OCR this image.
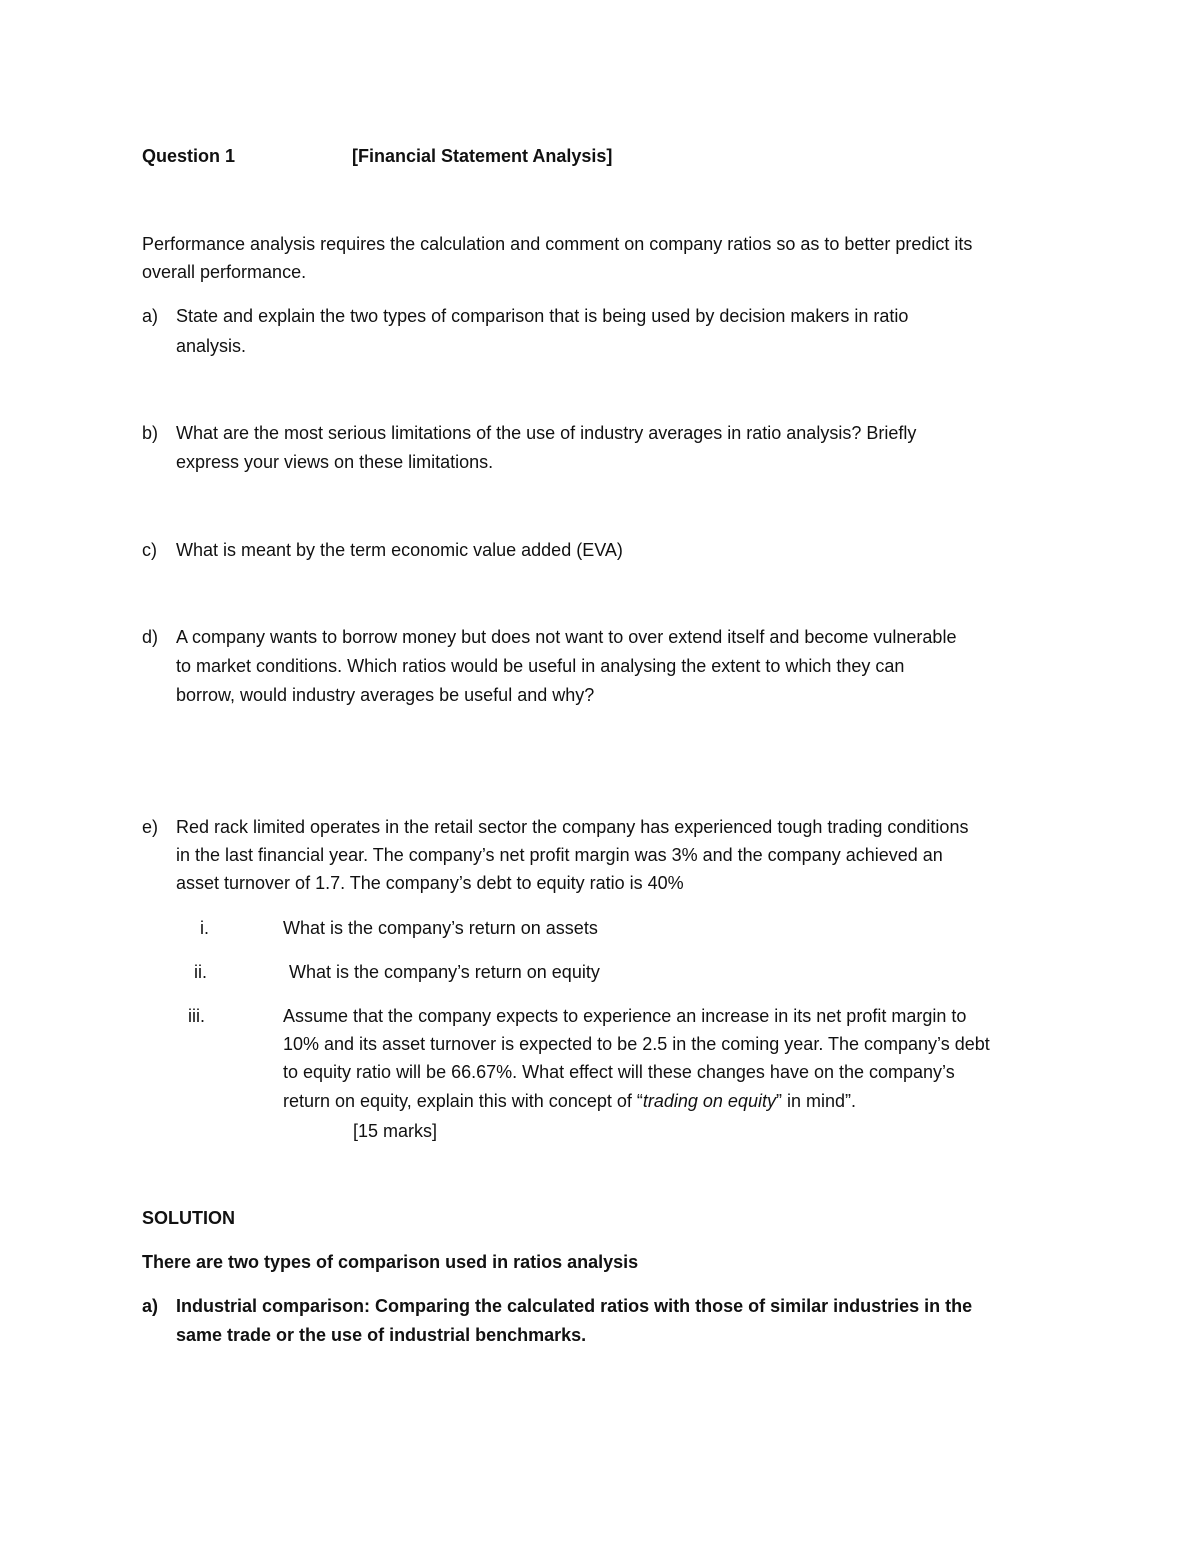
Question 1	[Financial Statement Analysis]
Performance analysis requires the calculation and comment on company ratios so as to better predict its
overall performance.
a) State and explain the two types of comparison that is being used by decision makers in ratio
analysis.
b) What are the most serious limitations of the use of industry averages in ratio analysis? Briefly
express your views on these limitations.
c) What is meant by the term economic value added (EVA)
d) A company wants to borrow money but does not want to over extend itself and become vulnerable
to market conditions. Which ratios would be useful in analysing the extent to which they can
borrow, would industry averages be useful and why?
e) Red rack limited operates in the retail sector the company has experienced tough trading conditions
in the last financial year. The company’s net profit margin was 3% and the company achieved an
asset turnover of 1.7. The company’s debt to equity ratio is 40%
i.	What is the company’s return on assets
ii.	What is the company’s return on equity
iii.	Assume that the company expects to experience an increase in its net profit margin to
10% and its asset turnover is expected to be 2.5 in the coming year. The company’s debt
to equity ratio will be 66.67%. What effect will these changes have on the company’s
return on equity, explain this with concept of “trading on equity” in mind”.
[15 marks]
SOLUTION
There are two types of comparison used in ratios analysis
a) Industrial comparison: Comparing the calculated ratios with those of similar industries in the
same trade or the use of industrial benchmarks.
